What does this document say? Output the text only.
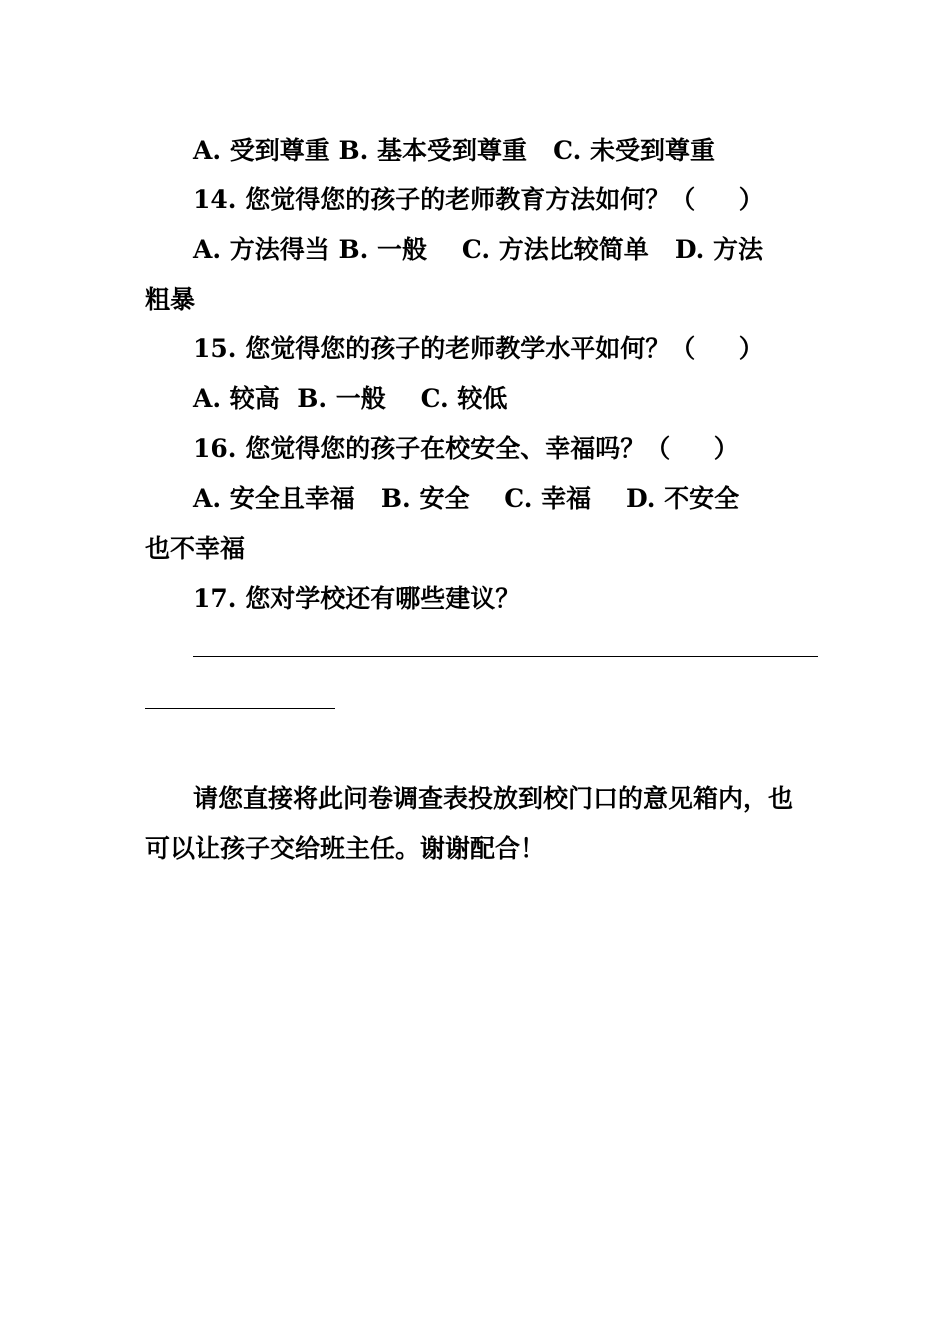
A. 受到尊重 B. 基本受到尊重   C. 未受到尊重
14. 您觉得您的孩子的老师教育方法如何？（     ）
A. 方法得当 B. 一般    C. 方法比较简单   D. 方法
粗暴
15. 您觉得您的孩子的老师教学水平如何？（     ）
A. 较高  B. 一般    C. 较低
16. 您觉得您的孩子在校安全、幸福吗？（     ）
A. 安全且幸福   B. 安全    C. 幸福    D. 不安全
也不幸福
17. 您对学校还有哪些建议？
请您直接将此问卷调查表投放到校门口的意见箱内，也
可以让孩子交给班主任。谢谢配合！
